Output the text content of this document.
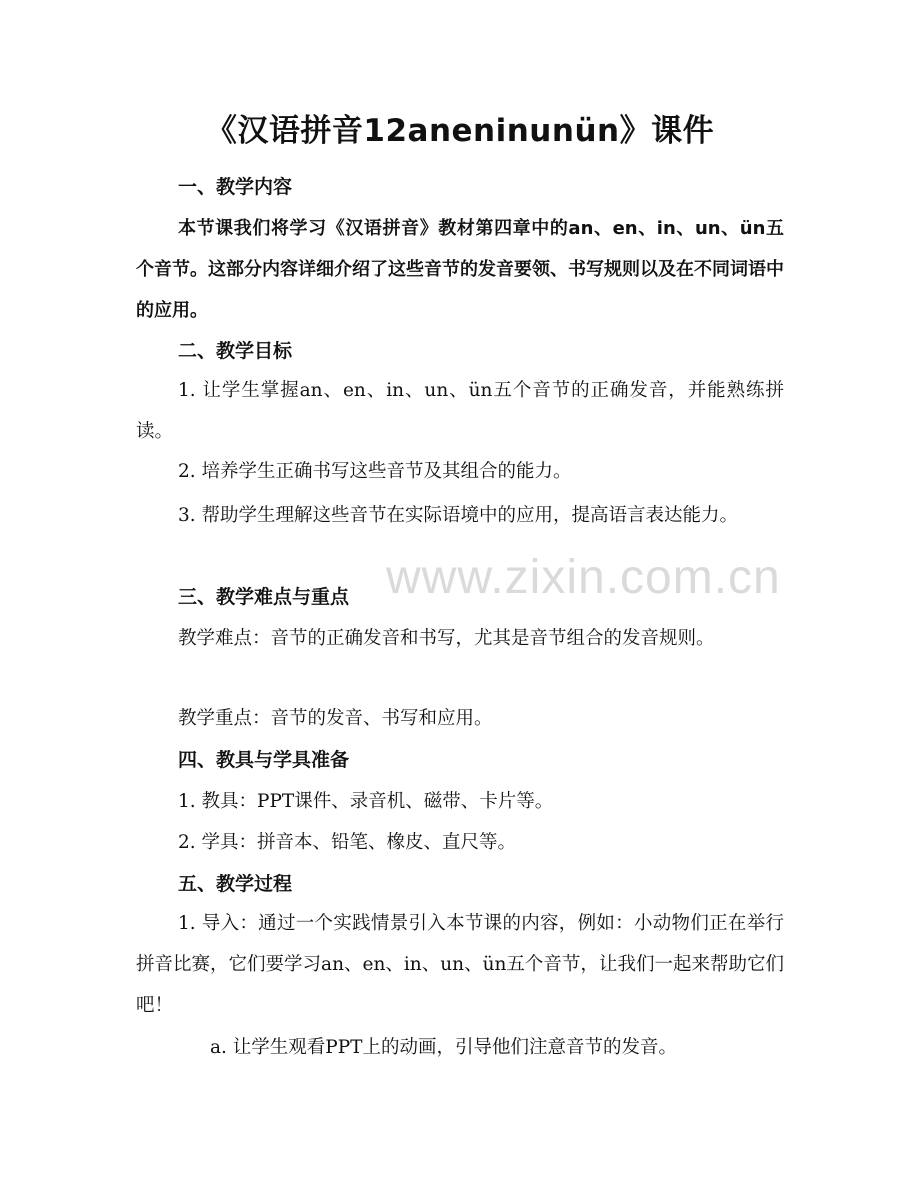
《汉语拼音12aneninunün》课件
一、教学内容
本节课我们将学习《汉语拼音》教材第四章中的an、en、in、un、ün五个音节。这部分内容详细介绍了这些音节的发音要领、书写规则以及在不同词语中的应用。
二、教学目标
1. 让学生掌握an、en、in、un、ün五个音节的正确发音，并能熟练拼读。
2. 培养学生正确书写这些音节及其组合的能力。
3. 帮助学生理解这些音节在实际语境中的应用，提高语言表达能力。
www.zixin.com.cn
三、教学难点与重点
教学难点：音节的正确发音和书写，尤其是音节组合的发音规则。
教学重点：音节的发音、书写和应用。
四、教具与学具准备
1. 教具：PPT课件、录音机、磁带、卡片等。
2. 学具：拼音本、铅笔、橡皮、直尺等。
五、教学过程
1. 导入：通过一个实践情景引入本节课的内容，例如：小动物们正在举行拼音比赛，它们要学习an、en、in、un、ün五个音节，让我们一起来帮助它们吧！
a. 让学生观看PPT上的动画，引导他们注意音节的发音。
